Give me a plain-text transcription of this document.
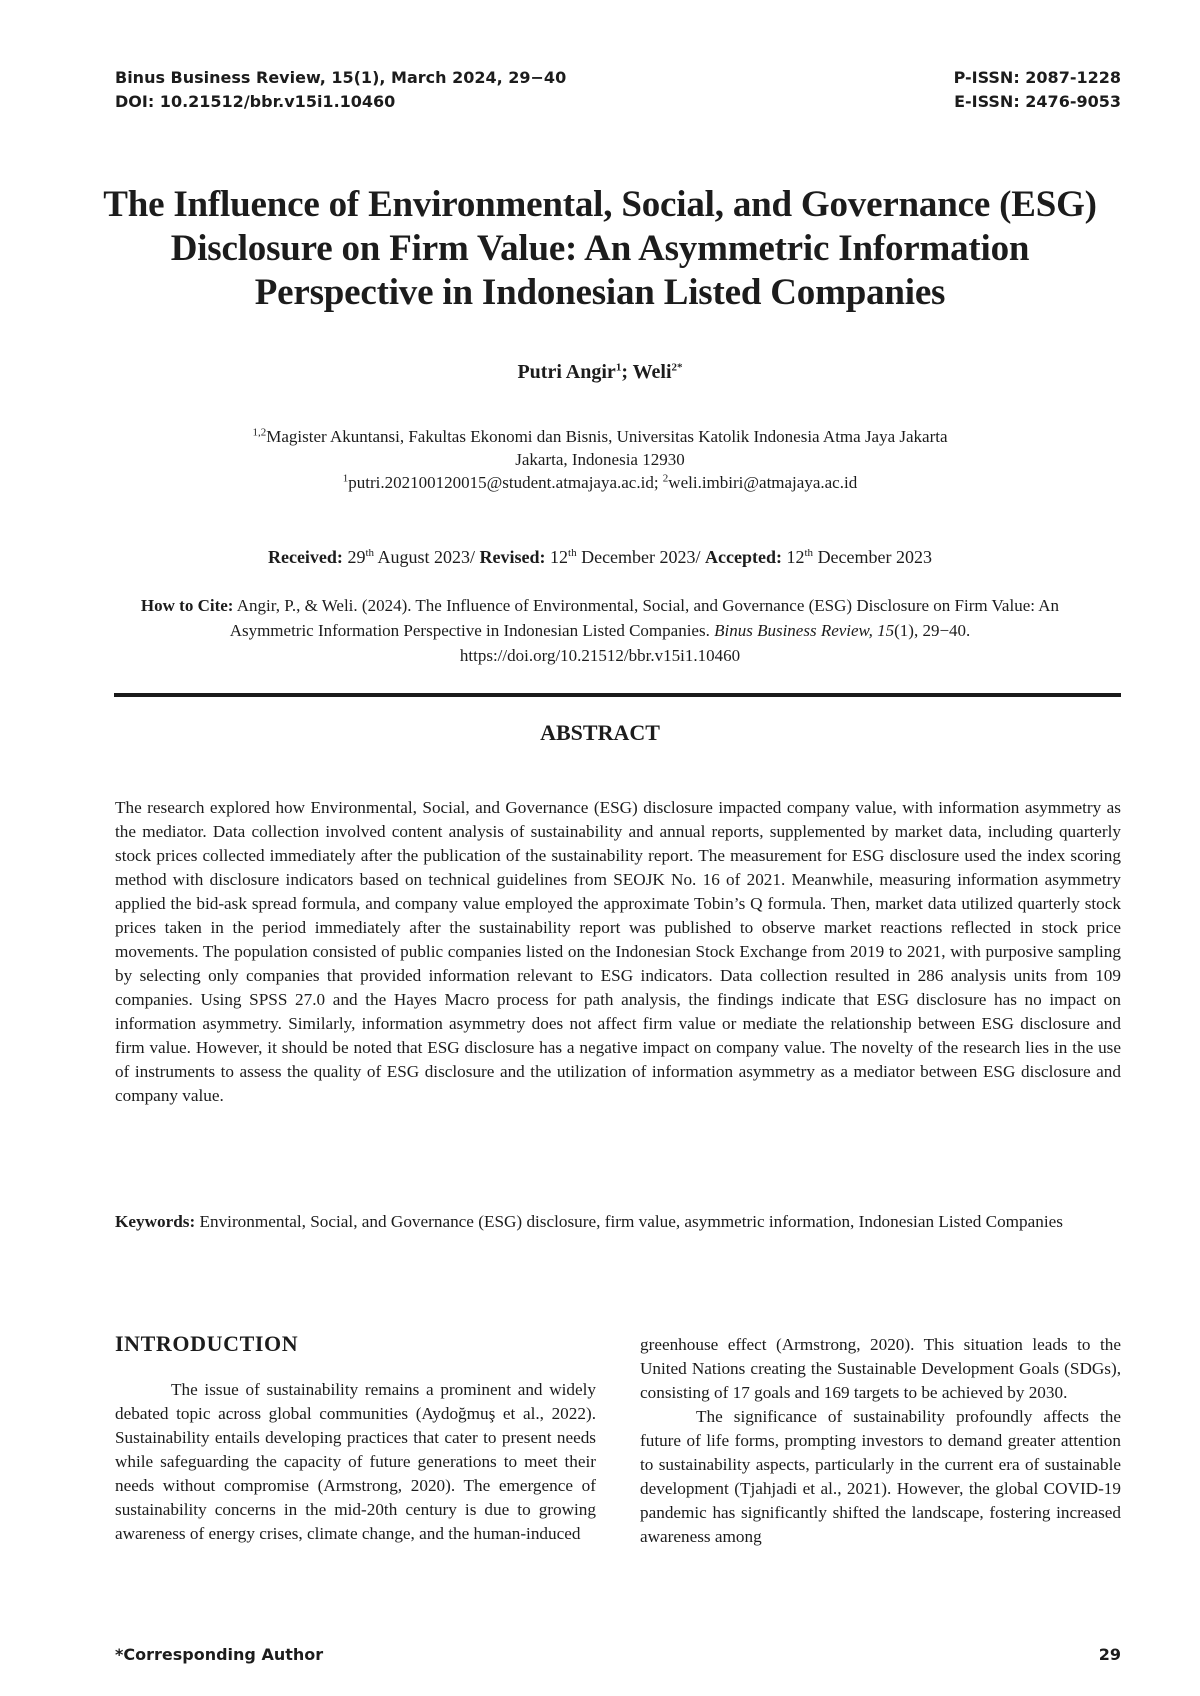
Binus Business Review, 15(1), March 2024, 29−40
DOI: 10.21512/bbr.v15i1.10460
P-ISSN: 2087-1228
E-ISSN: 2476-9053
The Influence of Environmental, Social, and Governance (ESG) Disclosure on Firm Value: An Asymmetric Information Perspective in Indonesian Listed Companies
Putri Angir$^1$; Weli$^{2*}$
$^{1,2}$Magister Akuntansi, Fakultas Ekonomi dan Bisnis, Universitas Katolik Indonesia Atma Jaya Jakarta
Jakarta, Indonesia 12930
$^1$putri.202100120015@student.atmajaya.ac.id; $^2$weli.imbiri@atmajaya.ac.id
Received: 29th August 2023/ Revised: 12th December 2023/ Accepted: 12th December 2023
How to Cite: Angir, P., & Weli. (2024). The Influence of Environmental, Social, and Governance (ESG) Disclosure on Firm Value: An Asymmetric Information Perspective in Indonesian Listed Companies. Binus Business Review, 15(1), 29−40. https://doi.org/10.21512/bbr.v15i1.10460
ABSTRACT
The research explored how Environmental, Social, and Governance (ESG) disclosure impacted company value, with information asymmetry as the mediator. Data collection involved content analysis of sustainability and annual reports, supplemented by market data, including quarterly stock prices collected immediately after the publication of the sustainability report. The measurement for ESG disclosure used the index scoring method with disclosure indicators based on technical guidelines from SEOJK No. 16 of 2021. Meanwhile, measuring information asymmetry applied the bid-ask spread formula, and company value employed the approximate Tobin’s Q formula. Then, market data utilized quarterly stock prices taken in the period immediately after the sustainability report was published to observe market reactions reflected in stock price movements. The population consisted of public companies listed on the Indonesian Stock Exchange from 2019 to 2021, with purposive sampling by selecting only companies that provided information relevant to ESG indicators. Data collection resulted in 286 analysis units from 109 companies. Using SPSS 27.0 and the Hayes Macro process for path analysis, the findings indicate that ESG disclosure has no impact on information asymmetry. Similarly, information asymmetry does not affect firm value or mediate the relationship between ESG disclosure and firm value. However, it should be noted that ESG disclosure has a negative impact on company value. The novelty of the research lies in the use of instruments to assess the quality of ESG disclosure and the utilization of information asymmetry as a mediator between ESG disclosure and company value.
Keywords: Environmental, Social, and Governance (ESG) disclosure, firm value, asymmetric information, Indonesian Listed Companies
INTRODUCTION

The issue of sustainability remains a prominent and widely debated topic across global communities (Aydoğmuş et al., 2022). Sustainability entails developing practices that cater to present needs while safeguarding the capacity of future generations to meet their needs without compromise (Armstrong, 2020). The emergence of sustainability concerns in the mid-20th century is due to growing awareness of energy crises, climate change, and the human-induced

greenhouse effect (Armstrong, 2020). This situation leads to the United Nations creating the Sustainable Development Goals (SDGs), consisting of 17 goals and 169 targets to be achieved by 2030.

The significance of sustainability profoundly affects the future of life forms, prompting investors to demand greater attention to sustainability aspects, particularly in the current era of sustainable development (Tjahjadi et al., 2021). However, the global COVID-19 pandemic has significantly shifted the landscape, fostering increased awareness among

*Corresponding Author	29
